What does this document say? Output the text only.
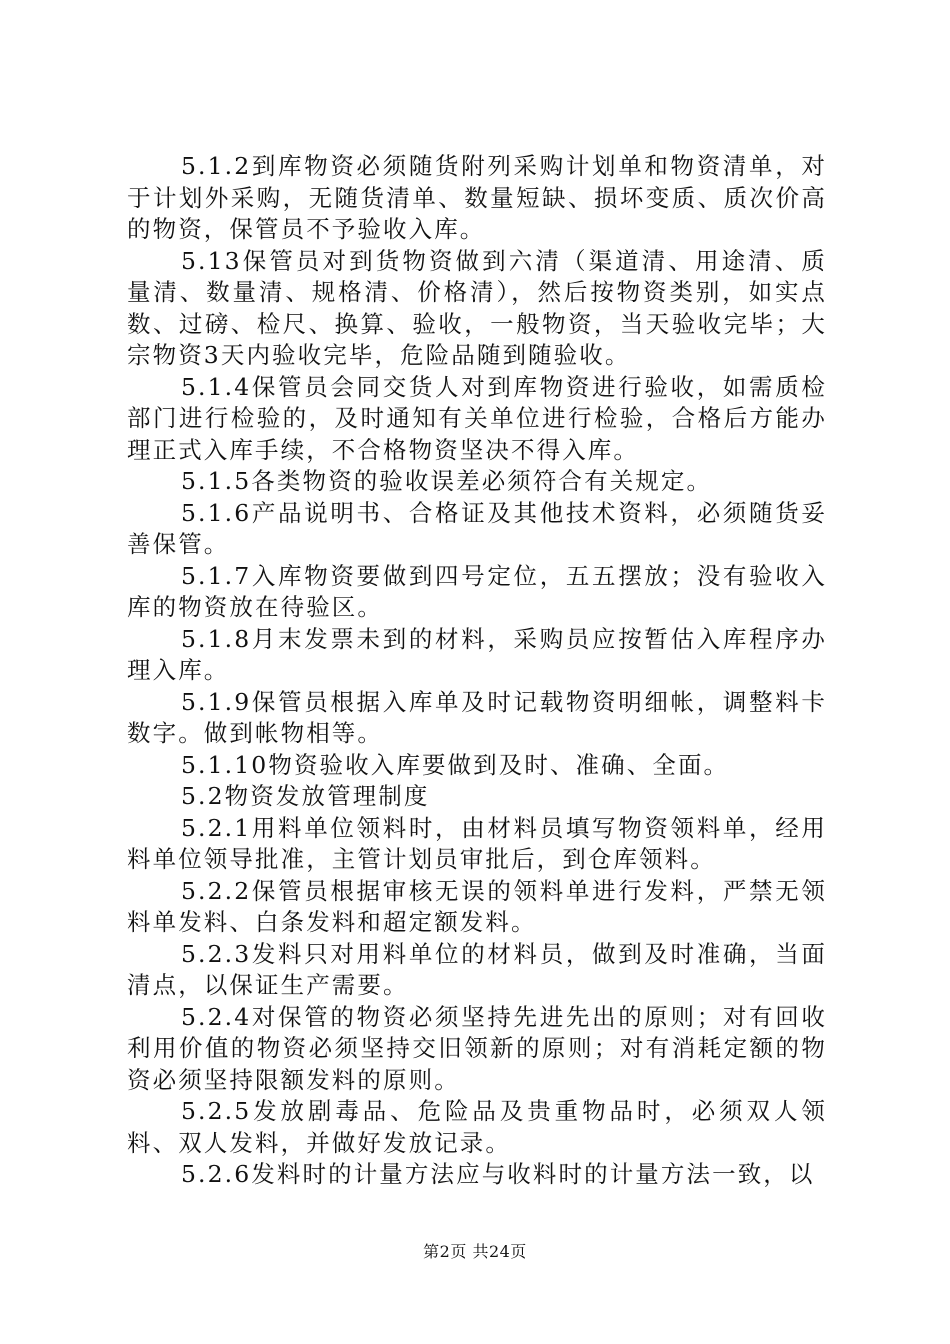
5.1.2到库物资必须随货附列采购计划单和物资清单，对于计划外采购，无随货清单、数量短缺、损坏变质、质次价高的物资，保管员不予验收入库。

5.13保管员对到货物资做到六清（渠道清、用途清、质量清、数量清、规格清、价格清），然后按物资类别，如实点数、过磅、检尺、换算、验收，一般物资，当天验收完毕；大宗物资3天内验收完毕，危险品随到随验收。

5.1.4保管员会同交货人对到库物资进行验收，如需质检部门进行检验的，及时通知有关单位进行检验，合格后方能办理正式入库手续，不合格物资坚决不得入库。

5.1.5各类物资的验收误差必须符合有关规定。

5.1.6产品说明书、合格证及其他技术资料，必须随货妥善保管。

5.1.7入库物资要做到四号定位，五五摆放；没有验收入库的物资放在待验区。

5.1.8月末发票未到的材料，采购员应按暂估入库程序办理入库。

5.1.9保管员根据入库单及时记载物资明细帐，调整料卡数字。做到帐物相等。

5.1.10物资验收入库要做到及时、准确、全面。

5.2物资发放管理制度

5.2.1用料单位领料时，由材料员填写物资领料单，经用料单位领导批准，主管计划员审批后，到仓库领料。

5.2.2保管员根据审核无误的领料单进行发料，严禁无领料单发料、白条发料和超定额发料。

5.2.3发料只对用料单位的材料员，做到及时准确，当面清点，以保证生产需要。

5.2.4对保管的物资必须坚持先进先出的原则；对有回收利用价值的物资必须坚持交旧领新的原则；对有消耗定额的物资必须坚持限额发料的原则。

5.2.5发放剧毒品、危险品及贵重物品时，必须双人领料、双人发料，并做好发放记录。

5.2.6发料时的计量方法应与收料时的计量方法一致，以

第2页 共24页
